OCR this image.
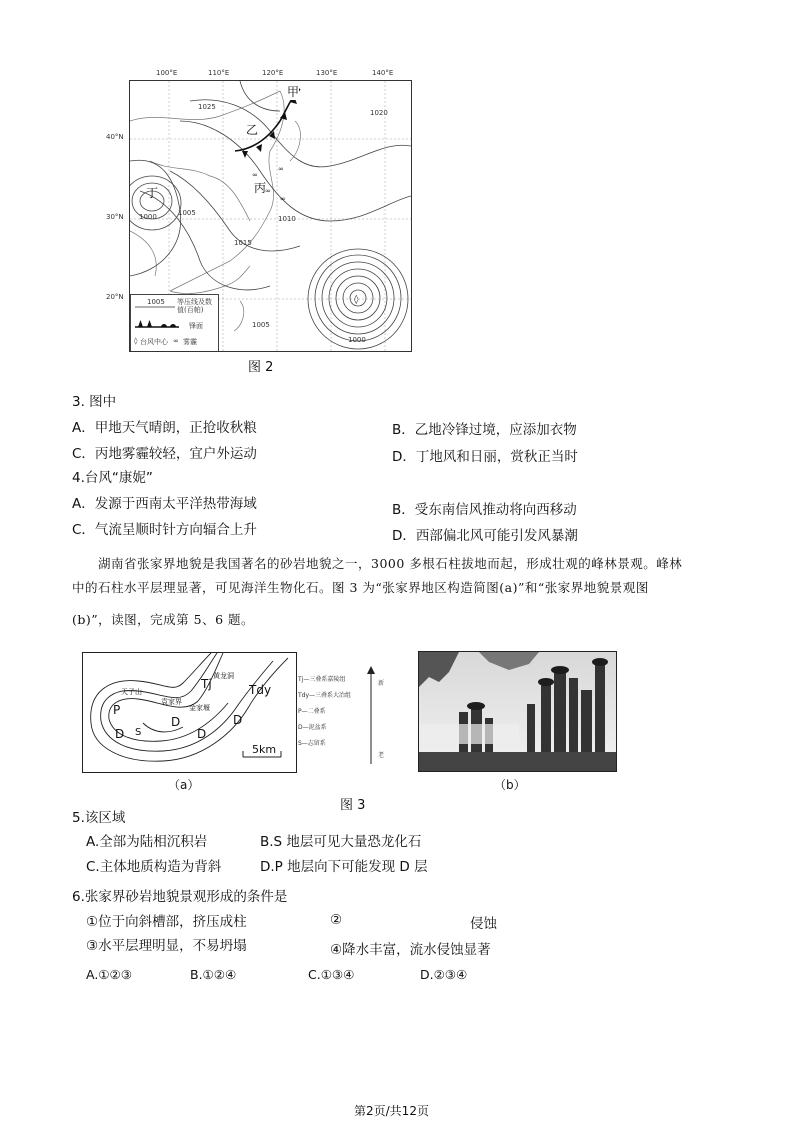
100°E	110°E	120°E	130°E	140°E
40°N
30°N
20°N	◊
∞
∞
∞
∞
甲
乙
丙
丁
1020
1025
1005
1000	1010
1015
1000
1005
1005 等压线及数值(百帕)
锋面
◊ 台风中心 ∞ 雾霾
图 2
3. 图中
A．甲地天气晴朗，正抢收秋粮	B．乙地冷锋过境，应添加衣物
C．丙地雾霾较轻，宜户外运动	D．丁地风和日丽，赏秋正当时
4.台风“康妮”
A．发源于西南太平洋热带海域	B．受东南信风推动将向西移动
C．气流呈顺时针方向辐合上升	D．西部偏北风可能引发风暴潮
湖南省张家界地貌是我国著名的砂岩地貌之一，3000 多根石柱拔地而起，形成壮观的峰林景观。峰林
中的石柱水平层理显著，可见海洋生物化石。图 3 为“张家界地区构造简图(a)”和“张家界地貌景观图
(b)”，读图，完成第 5、6 题。
天子山
黄龙洞
袁家界
金家堰
Tj	Tdy
P
D S
D
D
D
5km
Tj—三叠系嘉陵组
Tdy—三叠系大冶组
P—二叠系
D—泥盆系
S—志留系
新
老
（a）	（b）
图 3
5.该区域
A.全部为陆相沉积岩	B.S 地层可见大量恐龙化石
C.主体地质构造为背斜	D.P 地层向下可能发现 D 层
6.张家界砂岩地貌景观形成的条件是
①位于向斜槽部，挤压成柱	②	侵蚀
③水平层理明显，不易坍塌	④降水丰富，流水侵蚀显著
A.①②③	B.①②④	C.①③④	D.②③④
第2页/共12页
